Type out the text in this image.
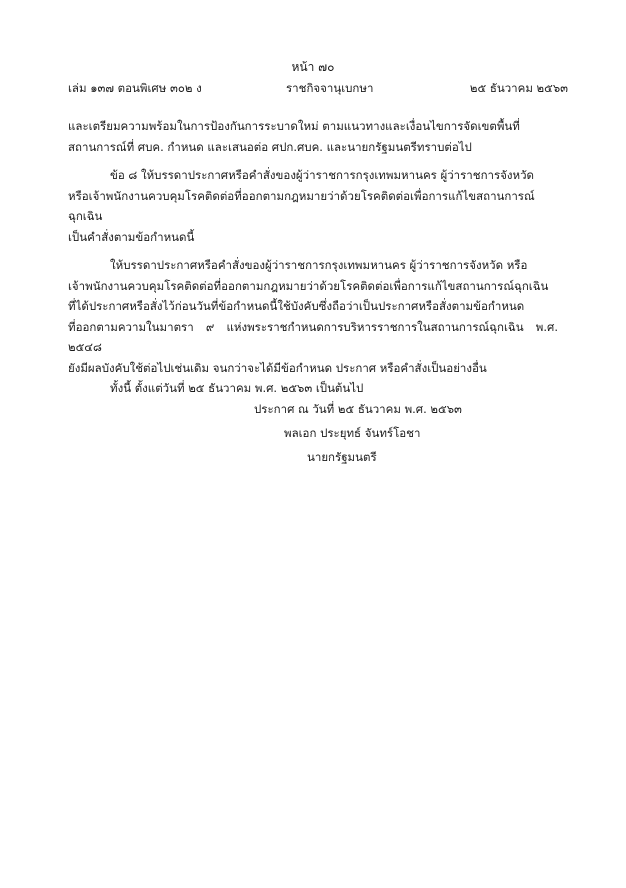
หน้า ๗๐
เล่ม ๑๓๗ ตอนพิเศษ ๓๐๒ ง	ราชกิจจานุเบกษา	๒๕ ธันวาคม ๒๕๖๓

และเตรียมความพร้อมในการป้องกันการระบาดใหม่ ตามแนวทางและเงื่อนไขการจัดเขตพื้นที่

สถานการณ์ที่ ศบค. กำหนด และเสนอต่อ ศปก.ศบค. และนายกรัฐมนตรีทราบต่อไป

ข้อ ๘ ให้บรรดาประกาศหรือคำสั่งของผู้ว่าราชการกรุงเทพมหานคร ผู้ว่าราชการจังหวัด

หรือเจ้าพนักงานควบคุมโรคติดต่อที่ออกตามกฎหมายว่าด้วยโรคติดต่อเพื่อการแก้ไขสถานการณ์ฉุกเฉิน

เป็นคำสั่งตามข้อกำหนดนี้

ให้บรรดาประกาศหรือคำสั่งของผู้ว่าราชการกรุงเทพมหานคร ผู้ว่าราชการจังหวัด หรือ

เจ้าพนักงานควบคุมโรคติดต่อที่ออกตามกฎหมายว่าด้วยโรคติดต่อเพื่อการแก้ไขสถานการณ์ฉุกเฉิน

ที่ได้ประกาศหรือสั่งไว้ก่อนวันที่ข้อกำหนดนี้ใช้บังคับซึ่งถือว่าเป็นประกาศหรือสั่งตามข้อกำหนด

ที่ออกตามความในมาตรา ๙ แห่งพระราชกำหนดการบริหารราชการในสถานการณ์ฉุกเฉิน พ.ศ. ๒๕๔๘

ยังมีผลบังคับใช้ต่อไปเช่นเดิม จนกว่าจะได้มีข้อกำหนด ประกาศ หรือคำสั่งเป็นอย่างอื่น

ทั้งนี้ ตั้งแต่วันที่ ๒๕ ธันวาคม พ.ศ. ๒๕๖๓ เป็นต้นไป

ประกาศ ณ วันที่ ๒๕ ธันวาคม พ.ศ. ๒๕๖๓
พลเอก ประยุทธ์ จันทร์โอชา
นายกรัฐมนตรี
